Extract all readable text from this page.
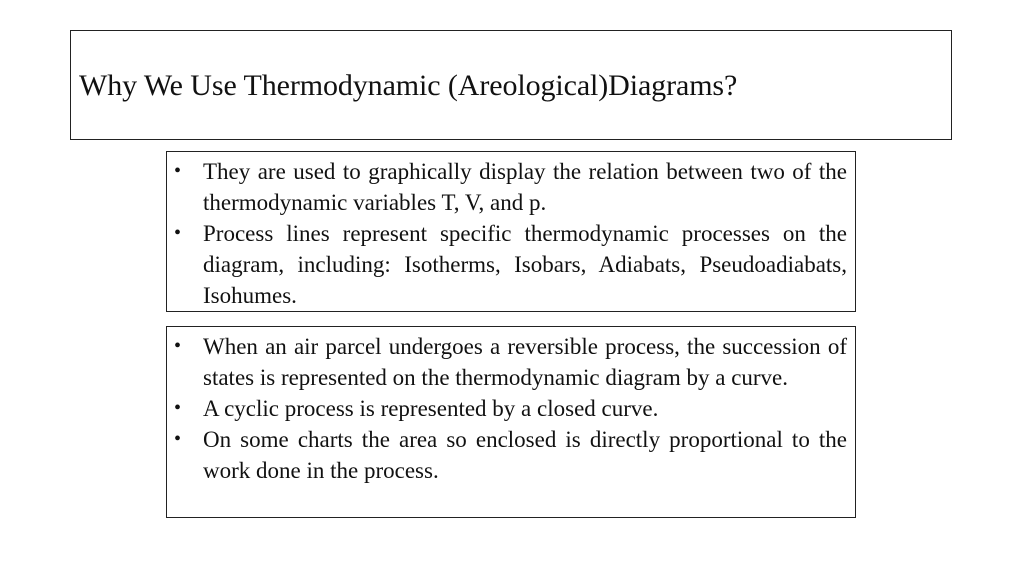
Why We Use Thermodynamic (Areological)Diagrams?
• They are used to graphically display the relation between two of the thermodynamic variables T, V, and p.
• Process lines represent specific thermodynamic processes on the diagram, including: Isotherms, Isobars, Adiabats, Pseudoadiabats, Isohumes.
• When an air parcel undergoes a reversible process, the succession of states is represented on the thermodynamic diagram by a curve.
• A cyclic process is represented by a closed curve.
• On some charts the area so enclosed is directly proportional to the work done in the process.
